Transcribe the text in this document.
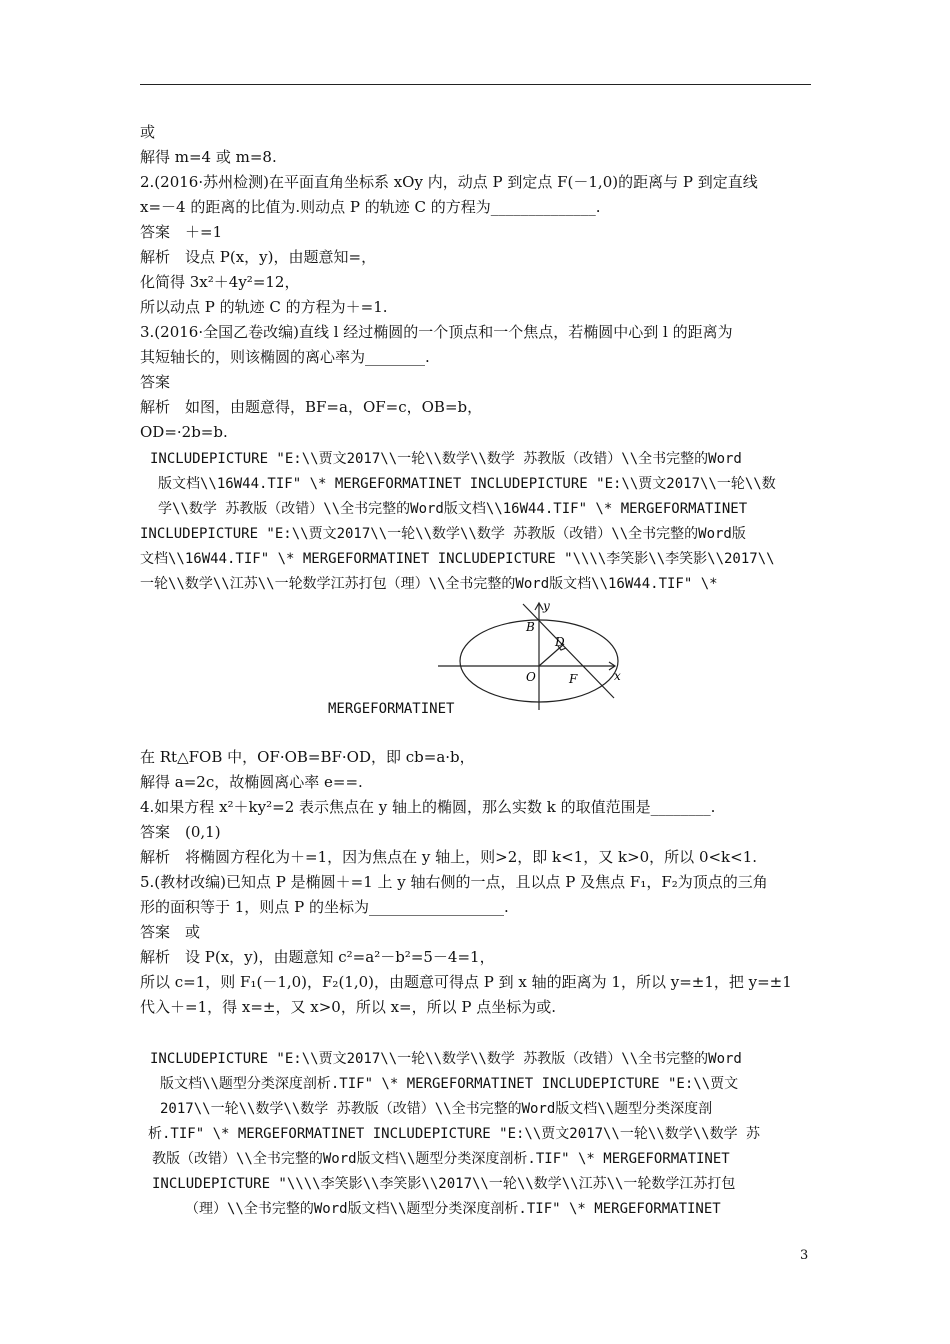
或
解得 m=4 或 m=8.
2.(2016·苏州检测)在平面直角坐标系 xOy 内，动点 P 到定点 F(－1,0)的距离与 P 到定直线
x=－4 的距离的比值为.则动点 P 的轨迹 C 的方程为______________.
答案　＋=1
解析　设点 P(x，y)，由题意知=，
化简得 3x²＋4y²=12，
所以动点 P 的轨迹 C 的方程为＋=1.
3.(2016·全国乙卷改编)直线 l 经过椭圆的一个顶点和一个焦点，若椭圆中心到 l 的距离为
其短轴长的，则该椭圆的离心率为________.
答案
解析　如图，由题意得，BF=a，OF=c，OB=b，
OD=·2b=b.
INCLUDEPICTURE "E:\\贾文2017\\一轮\\数学\\数学 苏教版（改错）\\全书完整的Word
版文档\\16W44.TIF" \* MERGEFORMATINET INCLUDEPICTURE "E:\\贾文2017\\一轮\\数
学\\数学 苏教版（改错）\\全书完整的Word版文档\\16W44.TIF" \* MERGEFORMATINET
INCLUDEPICTURE "E:\\贾文2017\\一轮\\数学\\数学 苏教版（改错）\\全书完整的Word版
文档\\16W44.TIF" \* MERGEFORMATINET INCLUDEPICTURE "\\\\李笑影\\李笑影\\2017\\
一轮\\数学\\江苏\\一轮数学江苏打包（理）\\全书完整的Word版文档\\16W44.TIF" \*
y
B
D
O	F	x
MERGEFORMATINET
在 Rt△FOB 中，OF·OB=BF·OD，即 cb=a·b，
解得 a=2c，故椭圆离心率 e==.
4.如果方程 x²＋ky²=2 表示焦点在 y 轴上的椭圆，那么实数 k 的取值范围是________.
答案　(0,1)
解析　将椭圆方程化为＋=1，因为焦点在 y 轴上，则>2，即 k<1，又 k>0，所以 0<k<1.
5.(教材改编)已知点 P 是椭圆＋=1 上 y 轴右侧的一点，且以点 P 及焦点 F₁，F₂为顶点的三角
形的面积等于 1，则点 P 的坐标为__________________.
答案　或
解析　设 P(x，y)，由题意知 c²=a²－b²=5－4=1，
所以 c=1，则 F₁(－1,0)，F₂(1,0)，由题意可得点 P 到 x 轴的距离为 1，所以 y=±1，把 y=±1
代入＋=1，得 x=±，又 x>0，所以 x=，所以 P 点坐标为或.
INCLUDEPICTURE "E:\\贾文2017\\一轮\\数学\\数学 苏教版（改错）\\全书完整的Word
版文档\\题型分类深度剖析.TIF" \* MERGEFORMATINET INCLUDEPICTURE "E:\\贾文
2017\\一轮\\数学\\数学 苏教版（改错）\\全书完整的Word版文档\\题型分类深度剖
析.TIF" \* MERGEFORMATINET INCLUDEPICTURE "E:\\贾文2017\\一轮\\数学\\数学 苏
教版（改错）\\全书完整的Word版文档\\题型分类深度剖析.TIF" \* MERGEFORMATINET
INCLUDEPICTURE "\\\\李笑影\\李笑影\\2017\\一轮\\数学\\江苏\\一轮数学江苏打包
（理）\\全书完整的Word版文档\\题型分类深度剖析.TIF" \* MERGEFORMATINET
3
